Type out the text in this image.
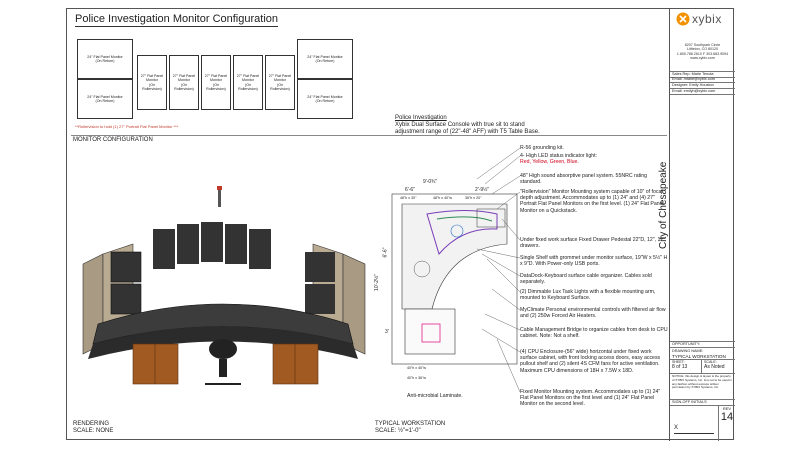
Police Investigation Monitor Configuration
24" Flat Panel Monitor
(On Return)
24" Flat Panel Monitor
(On Return)
27" Flat Panel Monitor
(On Rollervision)
27" Flat Panel
Monitor
(On Rollervision)
27" Flat Panel Monitor
(On Rollervision)
27" Flat Panel
Monitor
(On Rollervision)
27" Flat Panel Monitor
(On Rollervision)
24" Flat Panel Monitor
(On Return)
24" Flat Panel Monitor
(On Return)
**Rollervision to hold (1) 27" Portrait Flat Panel Monitor ***
MONITOR CONFIGURATION
RENDERING
SCALE: NONE
Police Investigation
Xybix Dual Surface Console with true sit to stand adjustment range of (22"-48" AFF) with T5 Table Base.
9'-0¾"
6'-6"	2'-9½"
48"h x 30"	48"h x 40"w	36"h x 20"
40"h x 40"w
40"h x 36"w
10'-2½"
6'-6"
3'
Anti-microbial Laminate.
TYPICAL WORKSTATION
SCALE: ½"=1'-0"
R-56 grounding kit.
4- High LED status indicator light:
Red, Yellow, Green, Blue.
48" High sound absorptive panel system. 55NRC rating standard.
"Rollervision" Monitor Mounting system capable of 10" of focal depth adjustment. Accommodates up to (1) 24" and (4) 27" Portrait Flat Panel Monitors on the first level. (1) 24" Flat Panel Monitor on a Quickstack.
Under fixed work surface Fixed Drawer Pedestal 22"D, 12", 12" drawers.
Single Shelf with grommet under monitor surface, 19"W x 5½" H x 9"D. With Power-only USB ports.
DataDock-Keyboard surface cable organizer. Cables sold separately.
(2) Dimmable Lux Task Lights with a flexible mounting arm, mounted to Keyboard Surface.
MyClimate Personal environmental controls with filtered air flow and (2) 250w Forced Air Heaters.
Cable Management Bridge to organize cables from desk to CPU cabinet. Note: Not a shelf.
(4) CPU Enclosure-(56" wide) horizontal under fixed work surface cabinet, with front locking access doors, easy access pullout shelf and (2) silent 4S CFM fans for active ventilation. Maximum CPU dimensions of 18H x 7.5W x 18D.
Fixed Monitor Mounting system. Accommodates up to (1) 24" Flat Panel Monitors on the first level and (1) 24" Flat Panel Monitor on the second level.
xybix
8207 Southpark Circle
Littleton, CO 80120
1.800.788.2610 F 303.683.9094
www.xybix.com
Sales Rep: Marie Tenuta
Email: mtahe@xybix.com
Designer: Emily Houston
Email: emilyh@xybix.com
City of Chesapeake
OPPORTUNITY:
DRAWING NAME:
TYPICAL WORKSTATION
SHEET:
8 of 13
SCALE:
As Noted
NOTICE: this design & layout is the property of XYBIX Systems, Inc. & is not to be used in any fashion without express written permission by XYBIX Systems, Inc.
SIGN-OFF INITIALS
X
REV
14
